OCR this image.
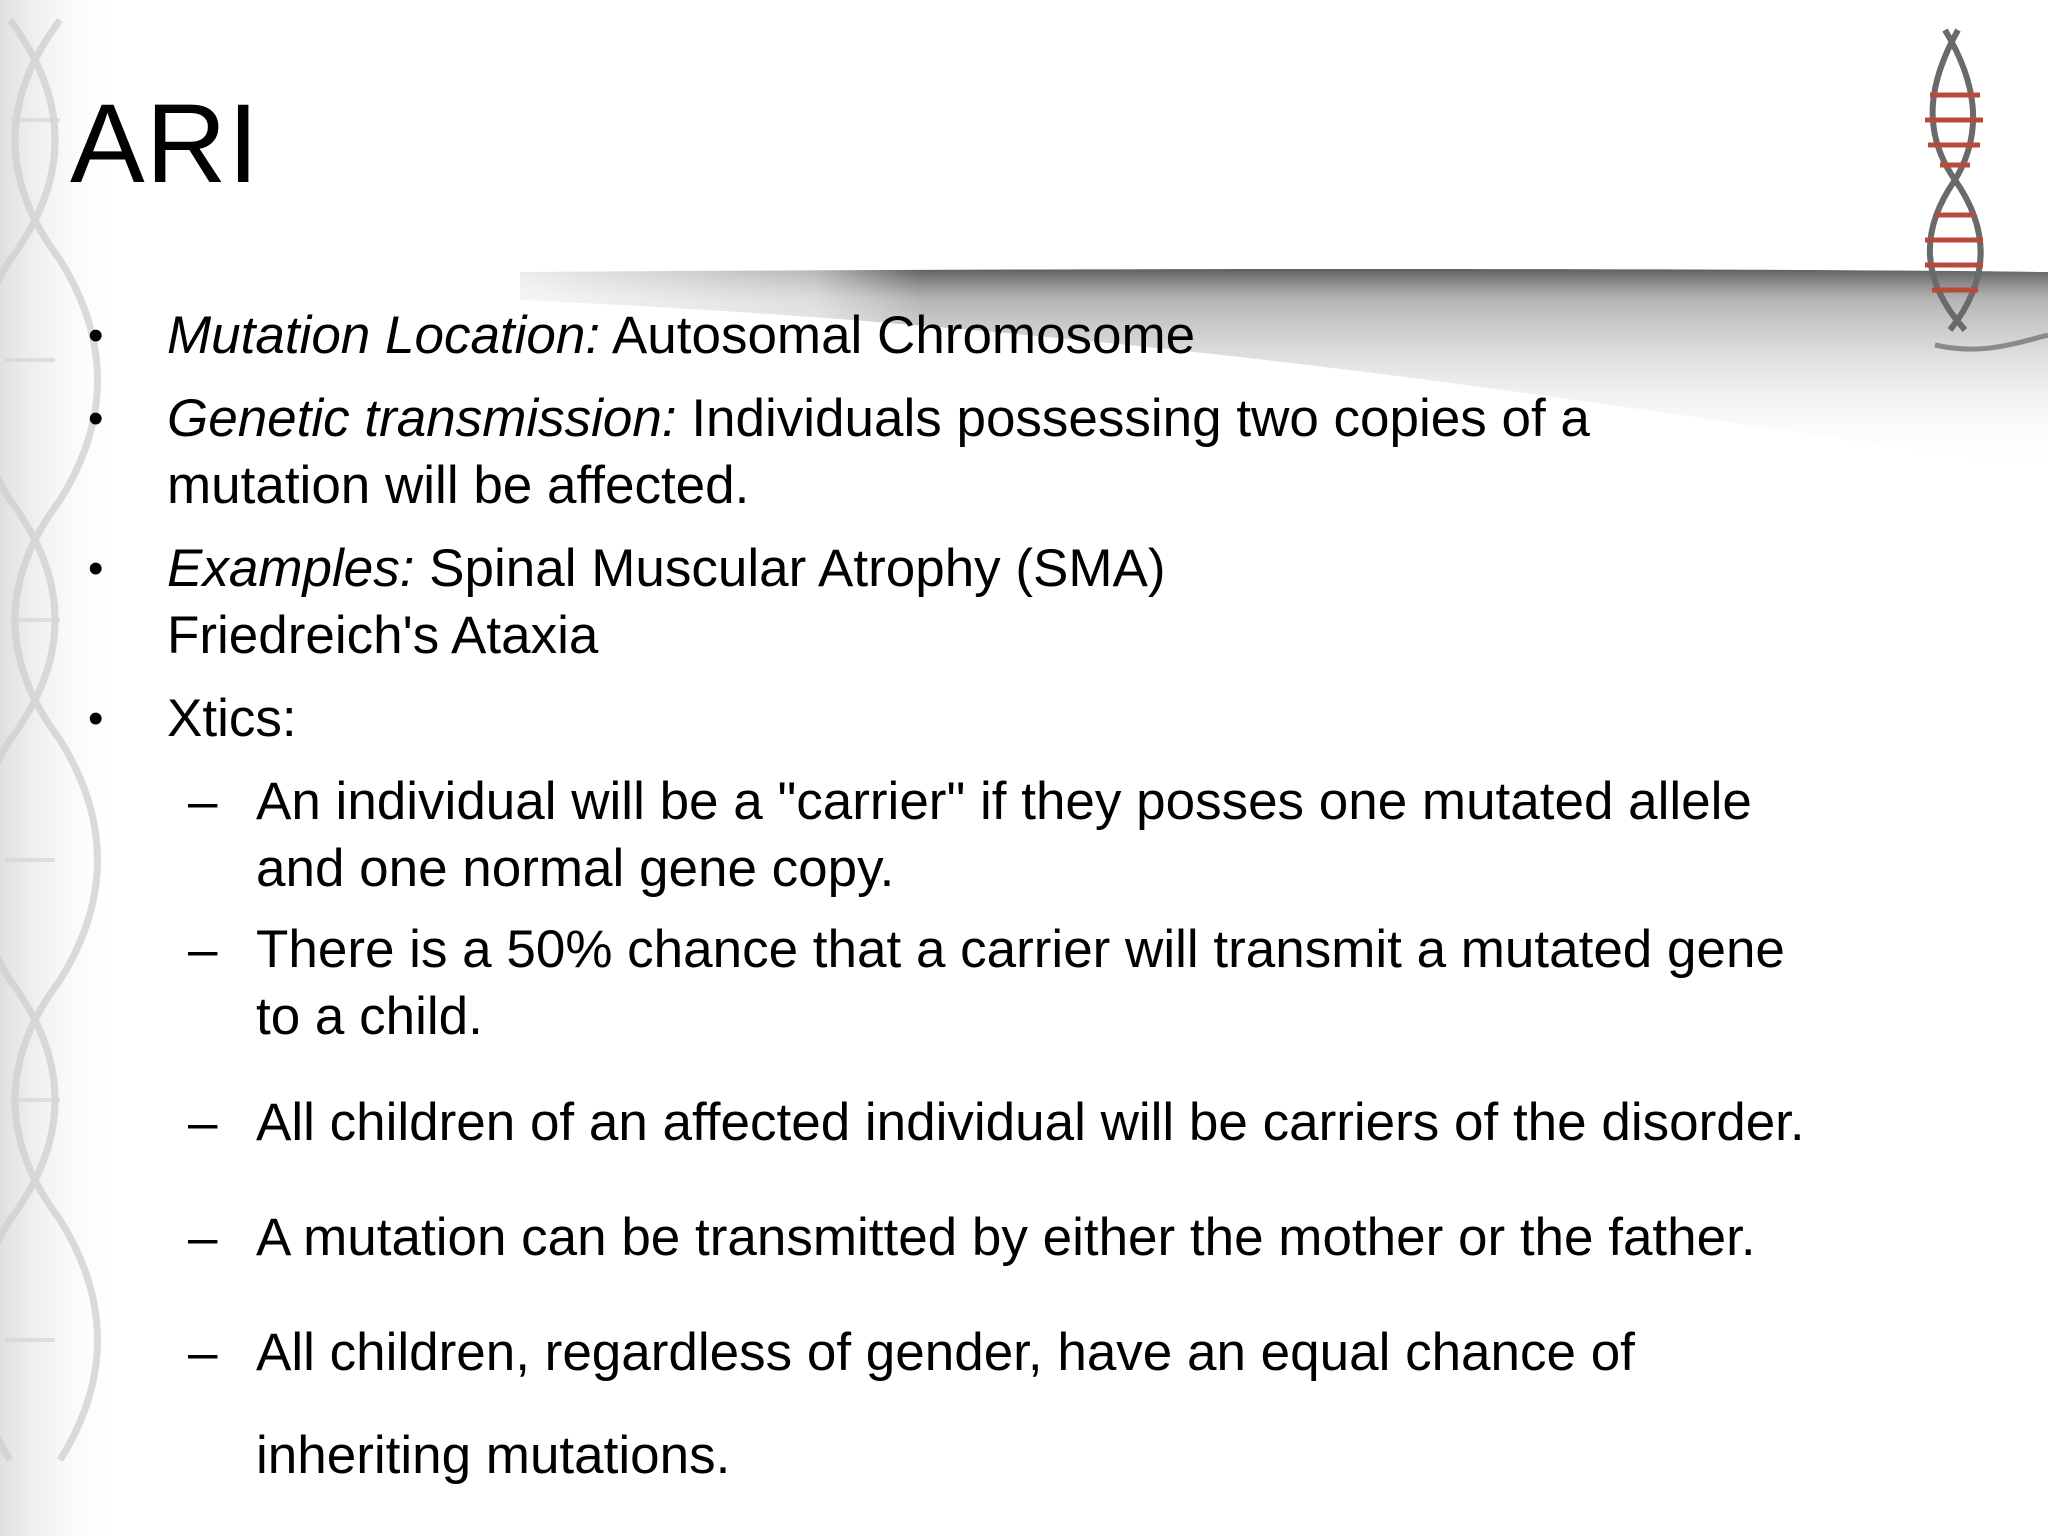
ARI
• Mutation Location: Autosomal Chromosome
• Genetic transmission: Individuals possessing two copies of a
mutation will be affected.
• Examples: Spinal Muscular Atrophy (SMA)
Friedreich's Ataxia
• Xtics:
– An individual will be a "carrier" if they posses one mutated allele
and one normal gene copy.
– There is a 50% chance that a carrier will transmit a mutated gene
to a child.
– All children of an affected individual will be carriers of the disorder.
– A mutation can be transmitted by either the mother or the father.
– All children, regardless of gender, have an equal chance of
inheriting mutations.
